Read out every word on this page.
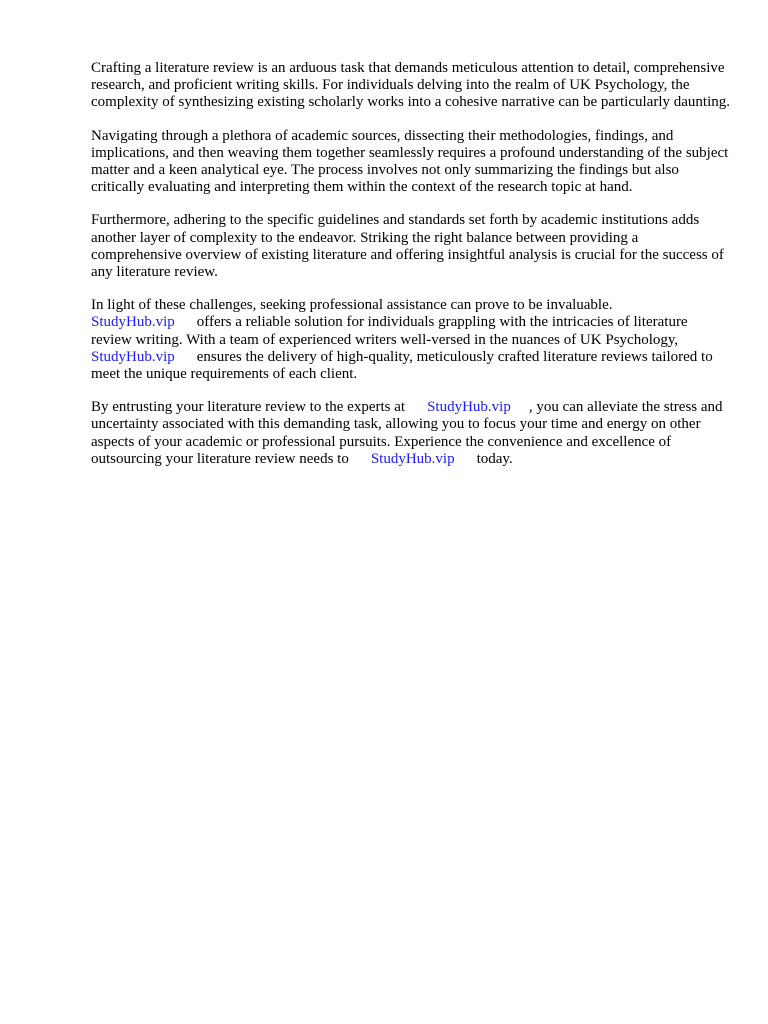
Crafting a literature review is an arduous task that demands meticulous attention to detail, comprehensive research, and proficient writing skills. For individuals delving into the realm of UK Psychology, the complexity of synthesizing existing scholarly works into a cohesive narrative can be particularly daunting.

Navigating through a plethora of academic sources, dissecting their methodologies, findings, and implications, and then weaving them together seamlessly requires a profound understanding of the subject matter and a keen analytical eye. The process involves not only summarizing the findings but also critically evaluating and interpreting them within the context of the research topic at hand.

Furthermore, adhering to the specific guidelines and standards set forth by academic institutions adds another layer of complexity to the endeavor. Striking the right balance between providing a comprehensive overview of existing literature and offering insightful analysis is crucial for the success of any literature review.

In light of these challenges, seeking professional assistance can prove to be invaluable.
StudyHub.vip offers a reliable solution for individuals grappling with the intricacies of literature review writing. With a team of experienced writers well-versed in the nuances of UK Psychology,
StudyHub.vip ensures the delivery of high-quality, meticulously crafted literature reviews tailored to meet the unique requirements of each client.

By entrusting your literature review to the experts at StudyHub.vip , you can alleviate the stress and uncertainty associated with this demanding task, allowing you to focus your time and energy on other aspects of your academic or professional pursuits. Experience the convenience and excellence of outsourcing your literature review needs to StudyHub.vip today.
